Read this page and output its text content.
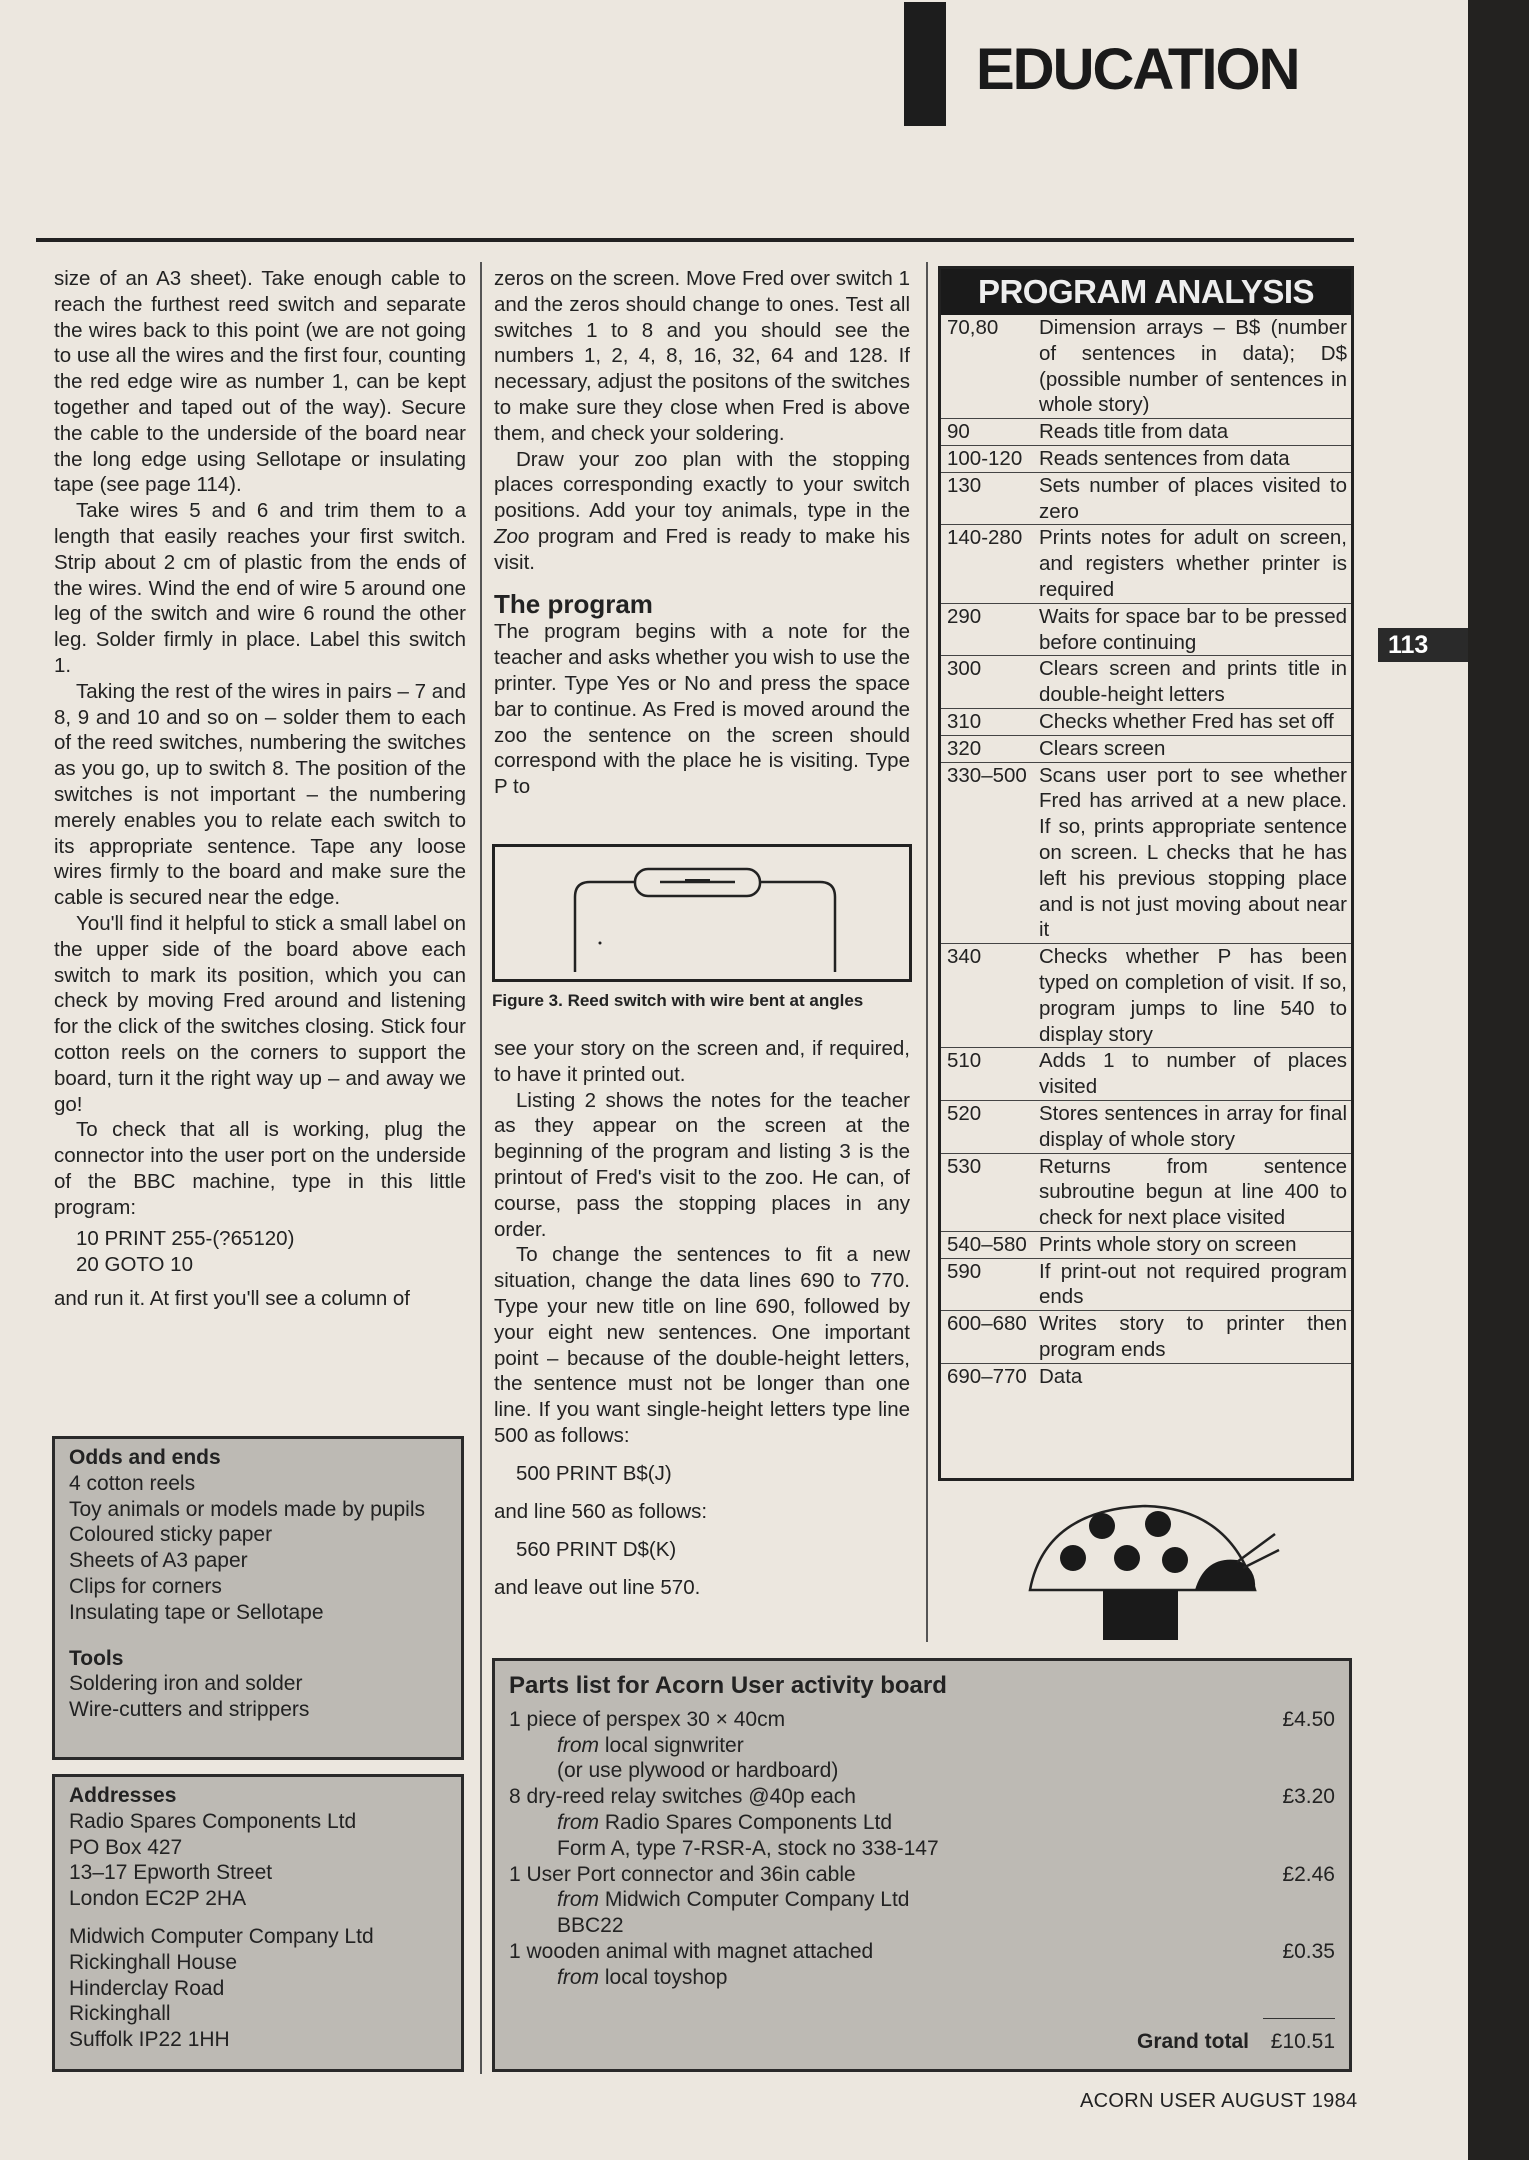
EDUCATION

size of an A3 sheet). Take enough cable to reach the furthest reed switch and separate the wires back to this point (we are not going to use all the wires and the first four, counting the red edge wire as number 1, can be kept together and taped out of the way). Secure the cable to the underside of the board near the long edge using Sellotape or insulating tape (see page 114).

Take wires 5 and 6 and trim them to a length that easily reaches your first switch. Strip about 2 cm of plastic from the ends of the wires. Wind the end of wire 5 around one leg of the switch and wire 6 round the other leg. Solder firmly in place. Label this switch 1.

Taking the rest of the wires in pairs – 7 and 8, 9 and 10 and so on – solder them to each of the reed switches, numbering the switches as you go, up to switch 8. The position of the switches is not important – the numbering merely enables you to relate each switch to its appropriate sentence. Tape any loose wires firmly to the board and make sure the cable is secured near the edge.

You'll find it helpful to stick a small label on the upper side of the board above each switch to mark its position, which you can check by moving Fred around and listening for the click of the switches closing. Stick four cotton reels on the corners to support the board, turn it the right way up – and away we go!

To check that all is working, plug the connector into the user port on the underside of the BBC machine, type in this little program:

10 PRINT 255-(?65120)
20 GOTO 10

and run it. At first you'll see a column of

Odds and ends
4 cotton reels
Toy animals or models made by pupils
Coloured sticky paper
Sheets of A3 paper
Clips for corners
Insulating tape or Sellotape
Tools
Soldering iron and solder
Wire-cutters and strippers
Addresses
Radio Spares Components Ltd
PO Box 427
13–17 Epworth Street
London EC2P 2HA
Midwich Computer Company Ltd
Rickinghall House
Hinderclay Road
Rickinghall
Suffolk IP22 1HH

zeros on the screen. Move Fred over switch 1 and the zeros should change to ones. Test all switches 1 to 8 and you should see the numbers 1, 2, 4, 8, 16, 32, 64 and 128. If necessary, adjust the positons of the switches to make sure they close when Fred is above them, and check your soldering.

Draw your zoo plan with the stopping places corresponding exactly to your switch positions. Add your toy animals, type in the Zoo program and Fred is ready to make his visit.

The program

The program begins with a note for the teacher and asks whether you wish to use the printer. Type Yes or No and press the space bar to continue. As Fred is moved around the zoo the sentence on the screen should correspond with the place he is visiting. Type P to

Figure 3. Reed switch with wire bent at angles

see your story on the screen and, if required, to have it printed out.

Listing 2 shows the notes for the teacher as they appear on the screen at the beginning of the program and listing 3 is the printout of Fred's visit to the zoo. He can, of course, pass the stopping places in any order.

To change the sentences to fit a new situation, change the data lines 690 to 770. Type your new title on line 690, followed by your eight new sentences. One important point – because of the double-height letters, the sentence must not be longer than one line. If you want single-height letters type line 500 as follows:

500 PRINT B$(J)

and line 560 as follows:

560 PRINT D$(K)

and leave out line 570.

PROGRAM ANALYSIS
70,80	Dimension arrays – B$ (number of sentences in data); D$ (possible number of sentences in whole story)
90	Reads title from data
100-120 Reads sentences from data
130	Sets number of places visited to zero
140-280 Prints notes for adult on screen, and registers whether printer is required
290	Waits for space bar to be pressed before continuing
300	Clears screen and prints title in double-height letters
310	Checks whether Fred has set off
320	Clears screen
330–500 Scans user port to see whether Fred has arrived at a new place. If so, prints appropriate sentence on screen. L checks that he has left his previous stopping place and is not just moving about near it
340	Checks whether P has been typed on completion of visit. If so, program jumps to line 540 to display story
510	Adds 1 to number of places visited
520	Stores sentences in array for final display of whole story
530	Returns from sentence subroutine begun at line 400 to check for next place visited
540–580 Prints whole story on screen
590	If print-out not required program ends
600–680 Writes story to printer then program ends
690–770 Data
113
Parts list for Acorn User activity board
1 piece of perspex 30 × 40cm
from local signwriter
(or use plywood or hardboard)
£4.50
8 dry-reed relay switches @40p each
from Radio Spares Components Ltd
Form A, type 7-RSR-A, stock no 338-147
£3.20
1 User Port connector and 36in cable
from Midwich Computer Company Ltd
BBC22
£2.46
1 wooden animal with magnet attached
from local toyshop
£0.35
Grand total	£10.51
ACORN USER AUGUST 1984
